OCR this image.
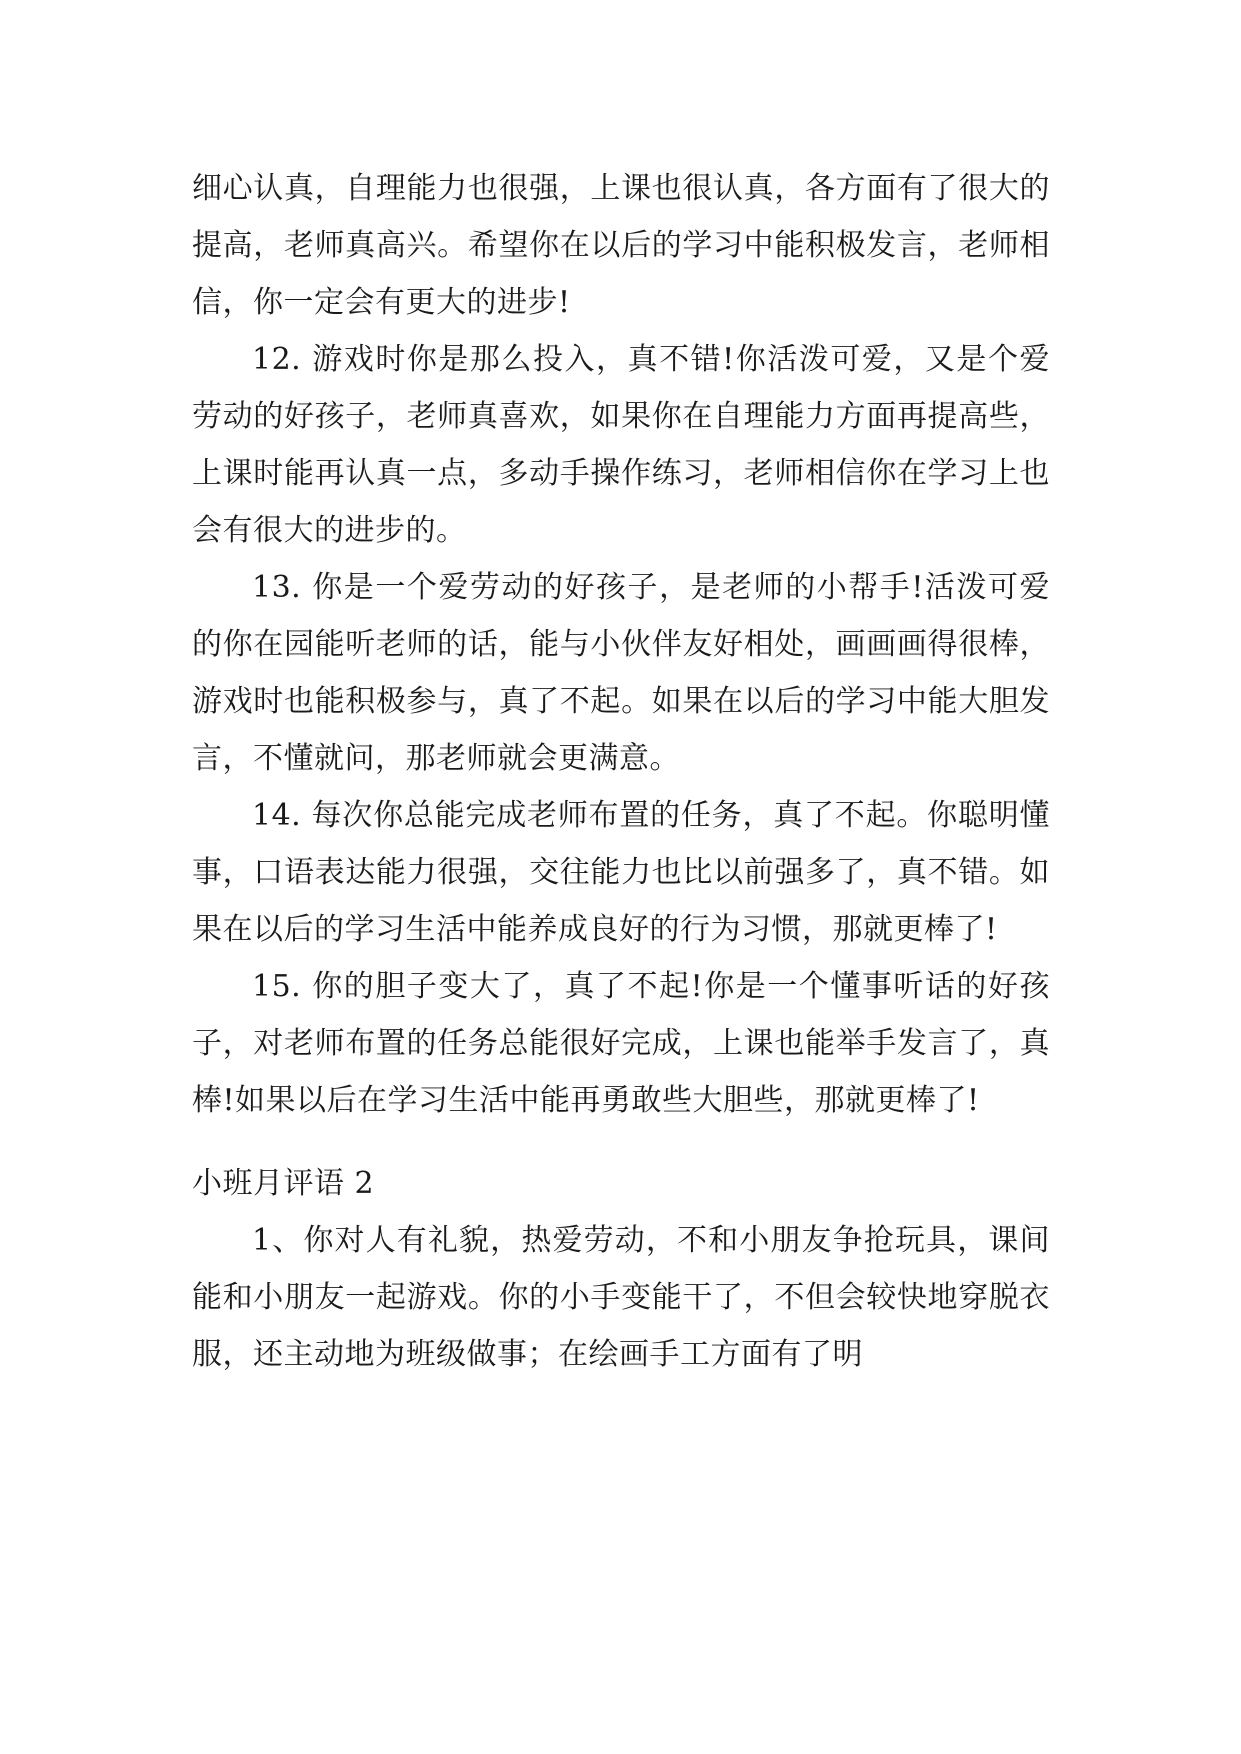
细心认真，自理能力也很强，上课也很认真，各方面有了很大的提高，老师真高兴。希望你在以后的学习中能积极发言，老师相信，你一定会有更大的进步!

12. 游戏时你是那么投入，真不错!你活泼可爱，又是个爱劳动的好孩子，老师真喜欢，如果你在自理能力方面再提高些，上课时能再认真一点，多动手操作练习，老师相信你在学习上也会有很大的进步的。

13. 你是一个爱劳动的好孩子，是老师的小帮手!活泼可爱的你在园能听老师的话，能与小伙伴友好相处，画画画得很棒，游戏时也能积极参与，真了不起。如果在以后的学习中能大胆发言，不懂就问，那老师就会更满意。

14. 每次你总能完成老师布置的任务，真了不起。你聪明懂事，口语表达能力很强，交往能力也比以前强多了，真不错。如果在以后的学习生活中能养成良好的行为习惯，那就更棒了!

15. 你的胆子变大了，真了不起!你是一个懂事听话的好孩子，对老师布置的任务总能很好完成，上课也能举手发言了，真棒!如果以后在学习生活中能再勇敢些大胆些，那就更棒了!

小班月评语 2

1、你对人有礼貌，热爱劳动，不和小朋友争抢玩具，课间能和小朋友一起游戏。你的小手变能干了，不但会较快地穿脱衣服，还主动地为班级做事；在绘画手工方面有了明
